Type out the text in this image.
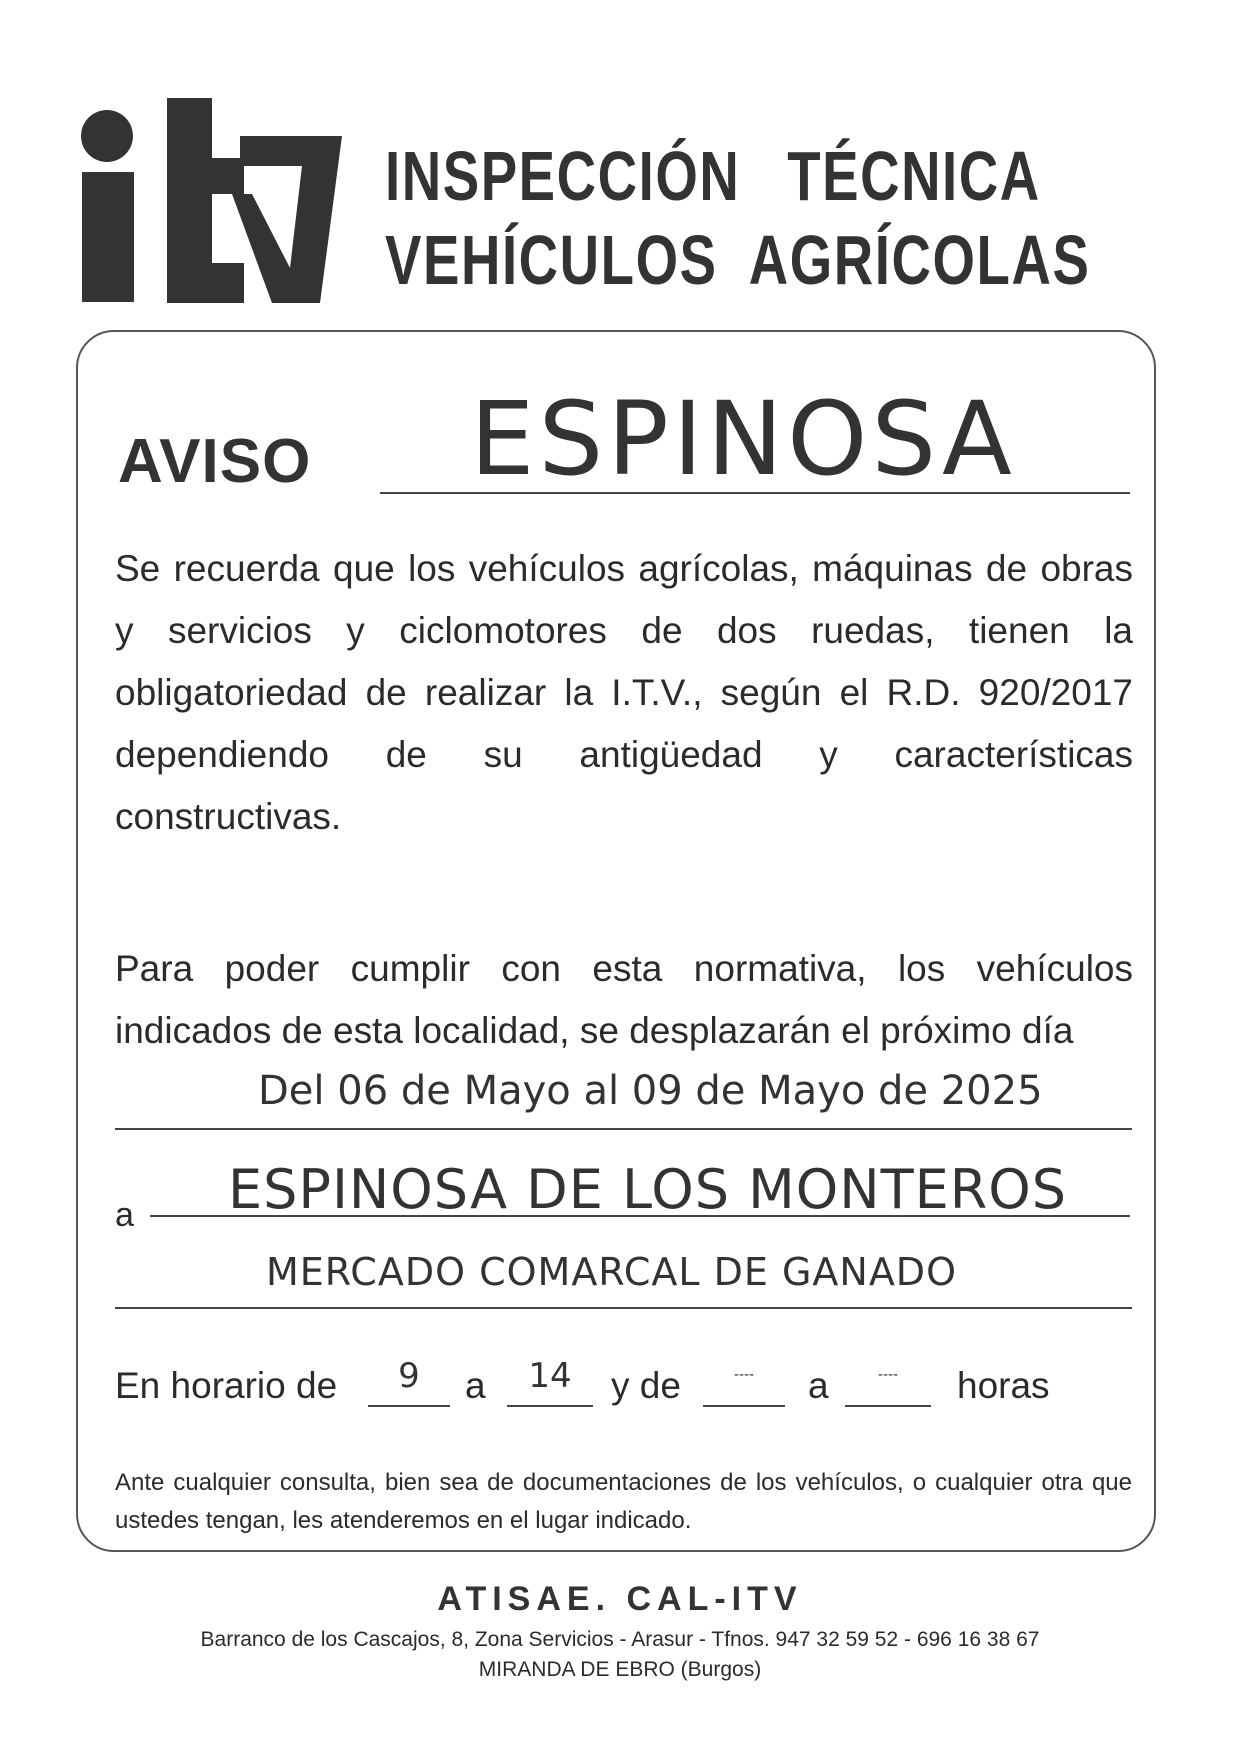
INSPECCIÓN TÉCNICA
VEHÍCULOS AGRÍCOLAS
AVISO ESPINOSA
Se recuerda que los vehículos agrícolas, máquinas de obras y servicios y ciclomotores de dos ruedas, tienen la obligatoriedad de realizar la I.T.V., según el R.D. 920/2017 dependiendo de su antigüedad y características constructivas.
Para poder cumplir con esta normativa, los vehículos indicados de esta localidad, se desplazarán el próximo día
Del 06 de Mayo al 09 de Mayo de 2025
a ESPINOSA DE LOS MONTEROS
MERCADO COMARCAL DE GANADO
En horario de	9	a	14	y de	----	a	----	horas
Ante cualquier consulta, bien sea de documentaciones de los vehículos, o cualquier otra que ustedes tengan, les atenderemos en el lugar indicado.
ATISAE. CAL-ITV
Barranco de los Cascajos, 8, Zona Servicios - Arasur - Tfnos. 947 32 59 52 - 696 16 38 67
MIRANDA DE EBRO (Burgos)
